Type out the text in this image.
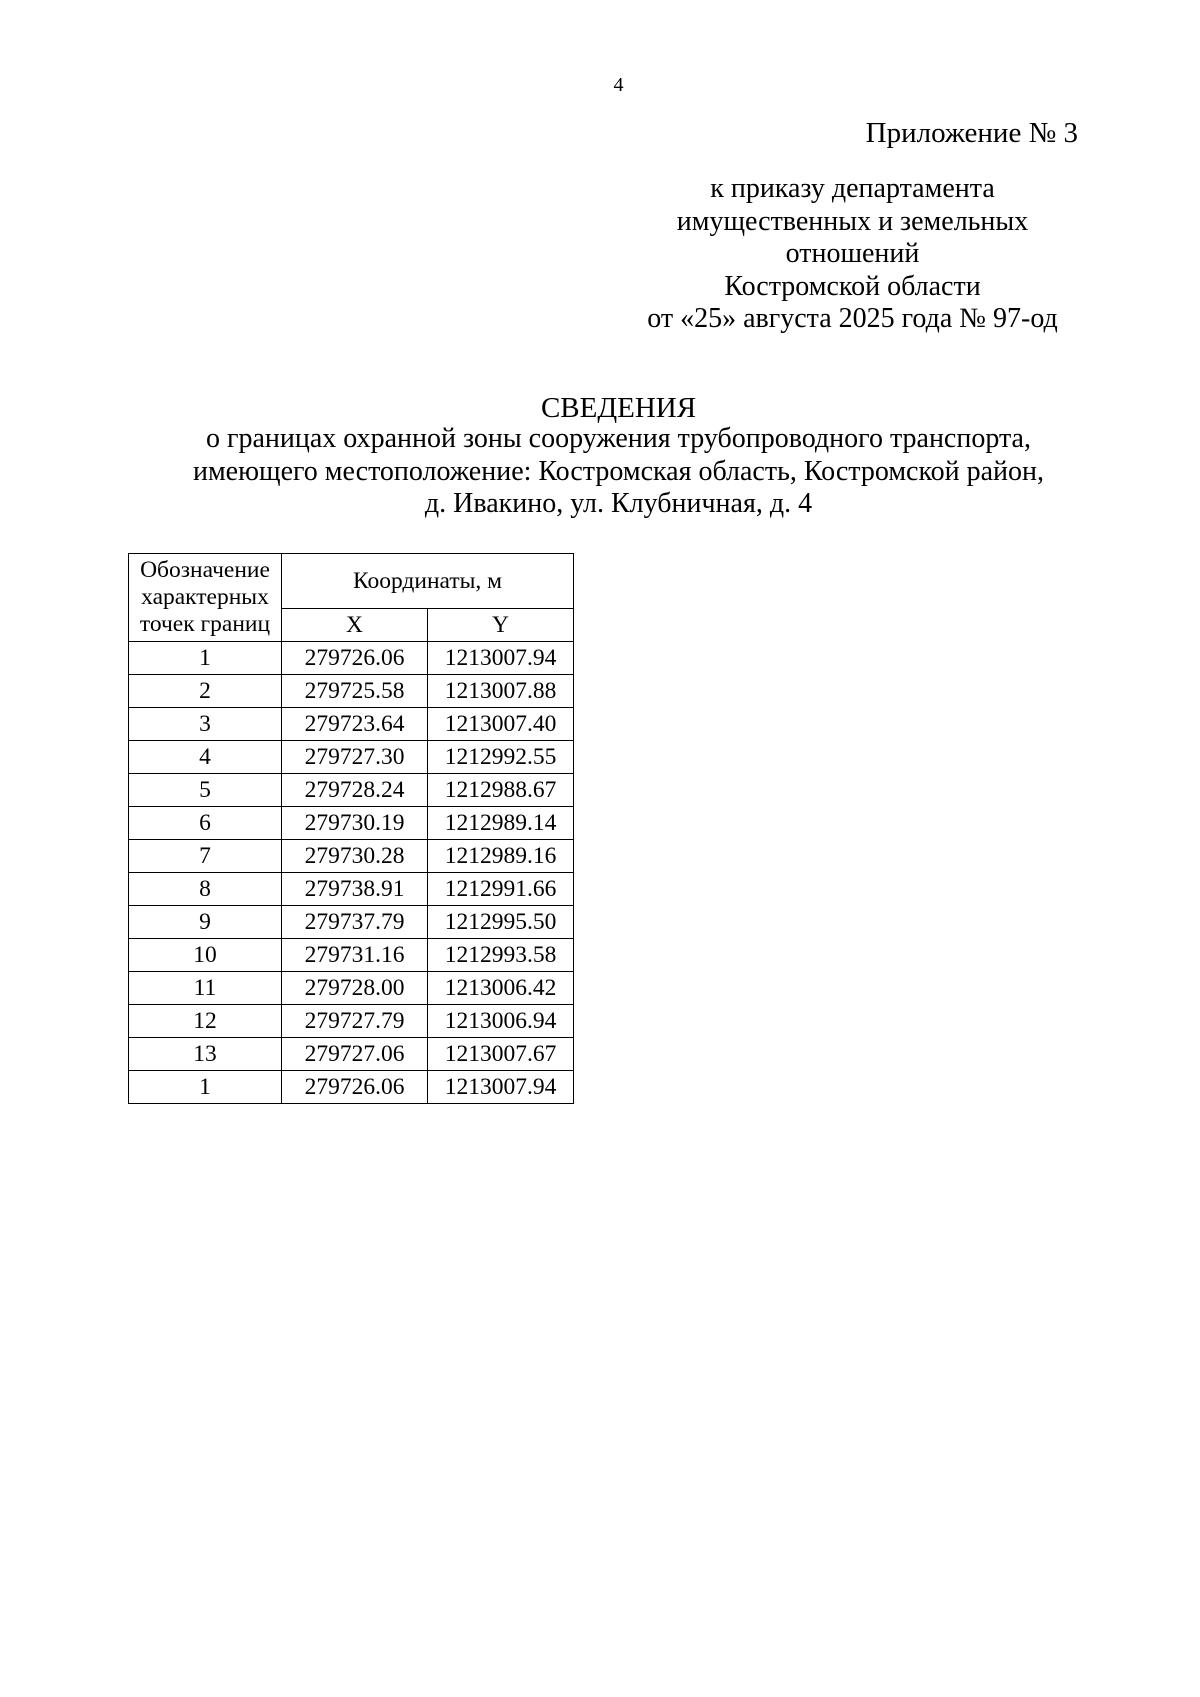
4
Приложение № 3
к приказу департамента
имущественных и земельных
отношений
Костромской области
от «25» августа 2025 года № 97-од
СВЕДЕНИЯ
о границах охранной зоны сооружения трубопроводного транспорта,
имеющего местоположение: Костромская область, Костромской район,
д. Ивакино, ул. Клубничная, д. 4
Обозначение характерных точек границ	Координаты, м	
	X	Y
1	279726.06	1213007.94
2	279725.58	1213007.88
3	279723.64	1213007.40
4	279727.30	1212992.55
5	279728.24	1212988.67
6	279730.19	1212989.14
7	279730.28	1212989.16
8	279738.91	1212991.66
9	279737.79	1212995.50
10	279731.16	1212993.58
11	279728.00	1213006.42
12	279727.79	1213006.94
13	279727.06	1213007.67
1	279726.06	1213007.94
